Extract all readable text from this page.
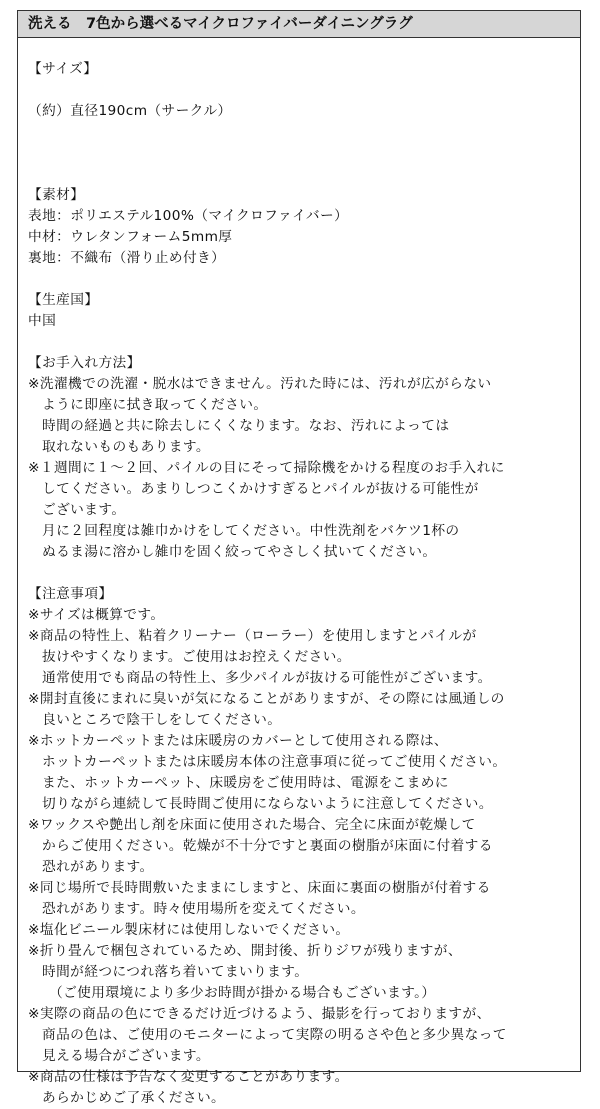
洗える　7色から選べるマイクロファイバーダイニングラグ
【サイズ】
（約）直径190cm（サークル）
【素材】
表地：ポリエステル100%（マイクロファイバー）
中材：ウレタンフォーム5mm厚
裏地：不織布（滑り止め付き）
【生産国】
中国
【お手入れ方法】
※洗濯機での洗濯・脱水はできません。汚れた時には、汚れが広がらない
ように即座に拭き取ってください。
時間の経過と共に除去しにくくなります。なお、汚れによっては
取れないものもあります。
※１週間に１～２回、パイルの目にそって掃除機をかける程度のお手入れに
してください。あまりしつこくかけすぎるとパイルが抜ける可能性が
ございます。
月に２回程度は雑巾かけをしてください。中性洗剤をバケツ1杯の
ぬるま湯に溶かし雑巾を固く絞ってやさしく拭いてください。
【注意事項】
※サイズは概算です。
※商品の特性上、粘着クリーナー（ローラー）を使用しますとパイルが
抜けやすくなります。ご使用はお控えください。
通常使用でも商品の特性上、多少パイルが抜ける可能性がございます。
※開封直後にまれに臭いが気になることがありますが、その際には風通しの
良いところで陰干しをしてください。
※ホットカーペットまたは床暖房のカバーとして使用される際は、
ホットカーペットまたは床暖房本体の注意事項に従ってご使用ください。
また、ホットカーペット、床暖房をご使用時は、電源をこまめに
切りながら連続して長時間ご使用にならないように注意してください。
※ワックスや艶出し剤を床面に使用された場合、完全に床面が乾燥して
からご使用ください。乾燥が不十分ですと裏面の樹脂が床面に付着する
恐れがあります。
※同じ場所で長時間敷いたままにしますと、床面に裏面の樹脂が付着する
恐れがあります。時々使用場所を変えてください。
※塩化ビニール製床材には使用しないでください。
※折り畳んで梱包されているため、開封後、折りジワが残りますが、
時間が経つにつれ落ち着いてまいります。
（ご使用環境により多少お時間が掛かる場合もございます。）
※実際の商品の色にできるだけ近づけるよう、撮影を行っておりますが、
商品の色は、ご使用のモニターによって実際の明るさや色と多少異なって
見える場合がございます。
※商品の仕様は予告なく変更することがあります。
あらかじめご了承ください。
